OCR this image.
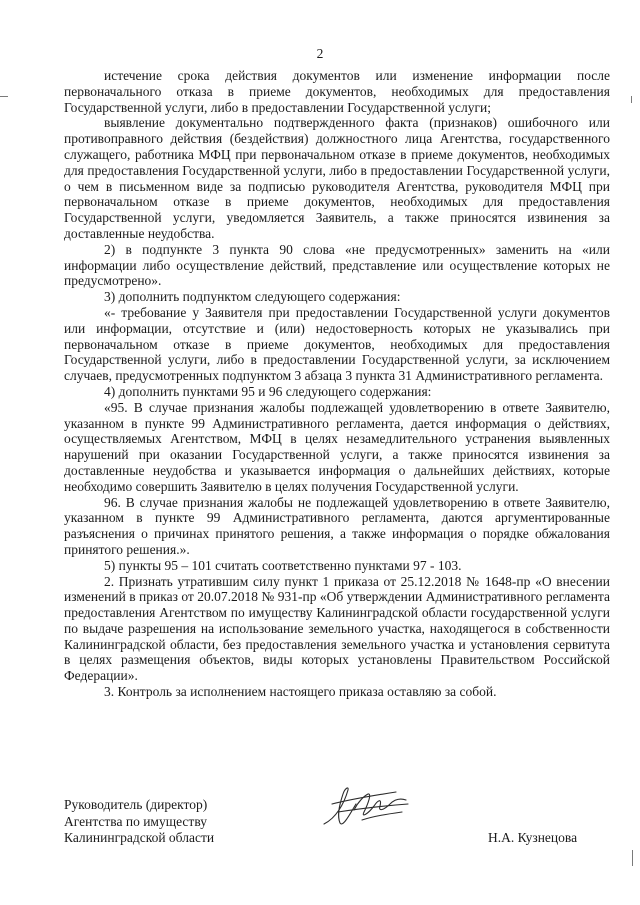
2

истечение срока действия документов или изменение информации после первоначального отказа в приеме документов, необходимых для предоставления Государственной услуги, либо в предоставлении Государственной услуги;

выявление документально подтвержденного факта (признаков) ошибочного или противоправного действия (бездействия) должностного лица Агентства, государственного служащего, работника МФЦ при первоначальном отказе в приеме документов, необходимых для предоставления Государственной услуги, либо в предоставлении Государственной услуги, о чем в письменном виде за подписью руководителя Агентства, руководителя МФЦ при первоначальном отказе в приеме документов, необходимых для предоставления Государственной услуги, уведомляется Заявитель, а также приносятся извинения за доставленные неудобства.

2) в подпункте 3 пункта 90 слова «не предусмотренных» заменить на «или информации либо осуществление действий, представление или осуществление которых не предусмотрено».

3) дополнить подпунктом следующего содержания:

«- требование у Заявителя при предоставлении Государственной услуги документов или информации, отсутствие и (или) недостоверность которых не указывались при первоначальном отказе в приеме документов, необходимых для предоставления Государственной услуги, либо в предоставлении Государственной услуги, за исключением случаев, предусмотренных подпунктом 3 абзаца 3 пункта 31 Административного регламента.

4) дополнить пунктами 95 и 96 следующего содержания:

«95. В случае признания жалобы подлежащей удовлетворению в ответе Заявителю, указанном в пункте 99 Административного регламента, дается информация о действиях, осуществляемых Агентством, МФЦ в целях незамедлительного устранения выявленных нарушений при оказании Государственной услуги, а также приносятся извинения за доставленные неудобства и указывается информация о дальнейших действиях, которые необходимо совершить Заявителю в целях получения Государственной услуги.

96. В случае признания жалобы не подлежащей удовлетворению в ответе Заявителю, указанном в пункте 99 Административного регламента, даются аргументированные разъяснения о причинах принятого решения, а также информация о порядке обжалования принятого решения.».

5) пункты 95 – 101 считать соответственно пунктами 97 - 103.

2. Признать утратившим силу пункт 1 приказа от 25.12.2018 № 1648-пр «О внесении изменений в приказ от 20.07.2018 № 931-пр «Об утверждении Административного регламента предоставления Агентством по имуществу Калининградской области государственной услуги по выдаче разрешения на использование земельного участка, находящегося в собственности Калининградской области, без предоставления земельного участка и установления сервитута в целях размещения объектов, виды которых установлены Правительством Российской Федерации».

3. Контроль за исполнением настоящего приказа оставляю за собой.

Руководитель (директор)

Агентства по имуществу

Калининградской области	Н.А. Кузнецова
